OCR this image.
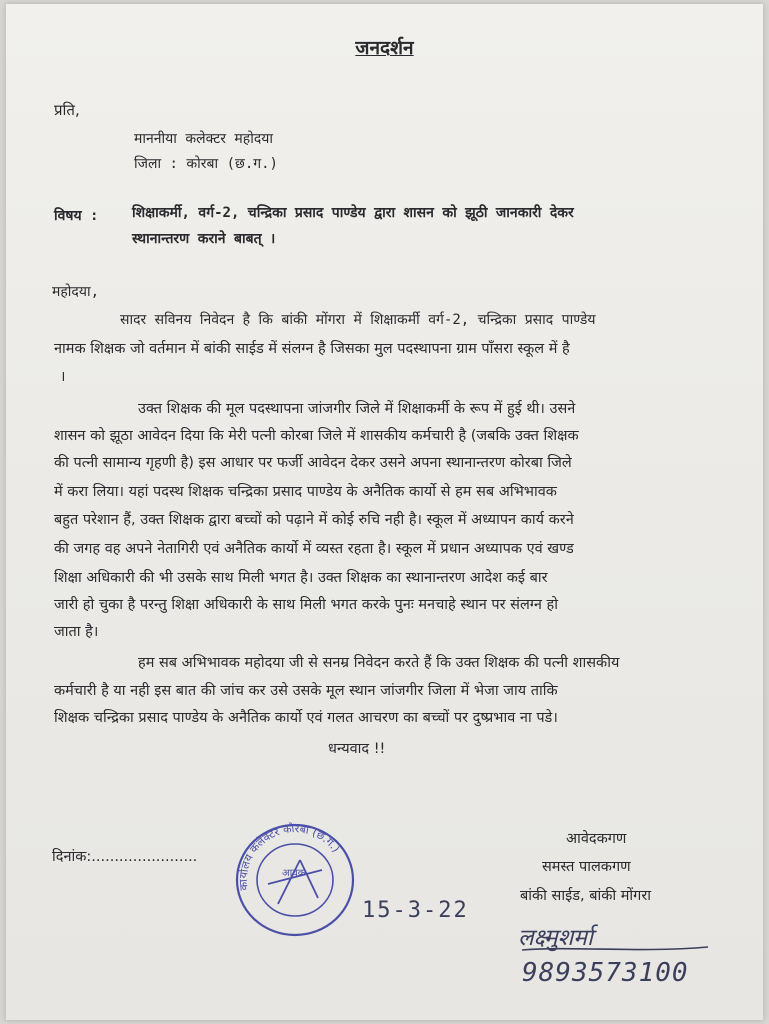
जनदर्शन
प्रति,
माननीया कलेक्टर महोदया
जिला : कोरबा (छ.ग.)
विषय : शिक्षाकर्मी, वर्ग-2, चन्द्रिका प्रसाद पाण्डेय द्वारा शासन को झूठी जानकारी देकर
स्थानान्तरण कराने बाबत् ।
महोदया,
सादर सविनय निवेदन है कि बांकी मोंगरा में शिक्षाकर्मी वर्ग-2, चन्द्रिका प्रसाद पाण्डेय
नामक शिक्षक जो वर्तमान में बांकी साईड में संलग्न है जिसका मुल पदस्थापना ग्राम पॉंसरा स्कूल में है
।
उक्त शिक्षक की मूल पदस्थापना जांजगीर जिले में शिक्षाकर्मी के रूप में हुई थी। उसने
शासन को झूठा आवेदन दिया कि मेरी पत्नी कोरबा जिले में शासकीय कर्मचारी है (जबकि उक्त शिक्षक
की पत्नी सामान्य गृहणी है) इस आधार पर फर्जी आवेदन देकर उसने अपना स्थानान्तरण कोरबा जिले
में करा लिया। यहां पदस्थ शिक्षक चन्द्रिका प्रसाद पाण्डेय के अनैतिक कार्यो से हम सब अभिभावक
बहुत परेशान हैं, उक्त शिक्षक द्वारा बच्चों को पढ़ाने में कोई रुचि नही है। स्कूल में अध्यापन कार्य करने
की जगह वह अपने नेतागिरी एवं अनैतिक कार्यो में व्यस्त रहता है। स्कूल में प्रधान अध्यापक एवं खण्ड
शिक्षा अधिकारी की भी उसके साथ मिली भगत है। उक्त शिक्षक का स्थानान्तरण आदेश कई बार
जारी हो चुका है परन्तु शिक्षा अधिकारी के साथ मिली भगत करके पुनः मनचाहे स्थान पर संलग्न हो
जाता है।
हम सब अभिभावक महोदया जी से सनम्र निवेदन करते हैं कि उक्त शिक्षक की पत्नी शासकीय
कर्मचारी है या नही इस बात की जांच कर उसे उसके मूल स्थान जांजगीर जिला में भेजा जाय ताकि
शिक्षक चन्द्रिका प्रसाद पाण्डेय के अनैतिक कार्यो एवं गलत आचरण का बच्चों पर दुष्प्रभाव ना पडे।
धन्यवाद !!
दिनांक:.......................
आवेदकगण
समस्त पालकगण
बांकी साईड, बांकी मोंगरा
कार्यालय कलेक्टर कोरबा (छ.ग.)
आवक
15-3-22
लक्ष्मुशर्मा
9893573100
